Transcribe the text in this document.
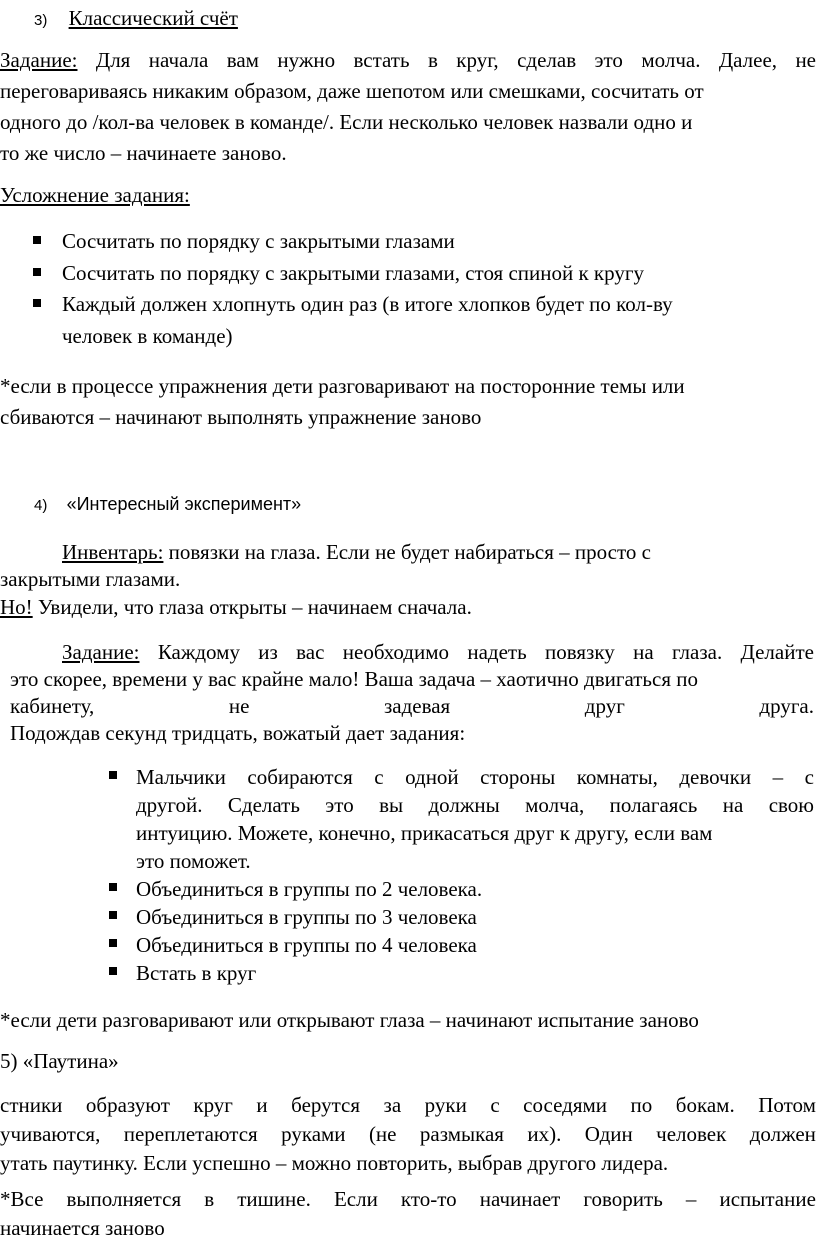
3) Классический счёт
Задание: Для начала вам нужно встать в круг, сделав это молча. Далее, не
переговариваясь никаким образом, даже шепотом или смешками, сосчитать от
одного до /кол-ва человек в команде/. Если несколько человек назвали одно и
то же число – начинаете заново.
Усложнение задания:
Сосчитать по порядку с закрытыми глазами
Сосчитать по порядку с закрытыми глазами, стоя спиной к кругу
Каждый должен хлопнуть один раз (в итоге хлопков будет по кол-ву
человек в команде)
*если в процессе упражнения дети разговаривают на посторонние темы или
сбиваются – начинают выполнять упражнение заново
4) «Интересный эксперимент»
Инвентарь: повязки на глаза. Если не будет набираться – просто с
закрытыми глазами.
Но! Увидели, что глаза открыты – начинаем сначала.
Задание: Каждому из вас необходимо надеть повязку на глаза. Делайте
это скорее, времени у вас крайне мало! Ваша задача – хаотично двигаться по
кабинету,	не	задевая	друг	друга.
Подождав секунд тридцать, вожатый дает задания:
Мальчики собираются с одной стороны комнаты, девочки – с
другой. Сделать это вы должны молча, полагаясь на свою
интуицию. Можете, конечно, прикасаться друг к другу, если вам
это поможет.
Объединиться в группы по 2 человека.
Объединиться в группы по 3 человека
Объединиться в группы по 4 человека
Встать в круг
*если дети разговаривают или открывают глаза – начинают испытание заново
5) «Паутина»
стники образуют круг и берутся за руки с соседями по бокам. Потом
учиваются, переплетаются руками (не размыкая их). Один человек должен
утать паутинку. Если успешно – можно повторить, выбрав другого лидера.
*Все выполняется в тишине. Если кто-то начинает говорить – испытание
начинается заново
